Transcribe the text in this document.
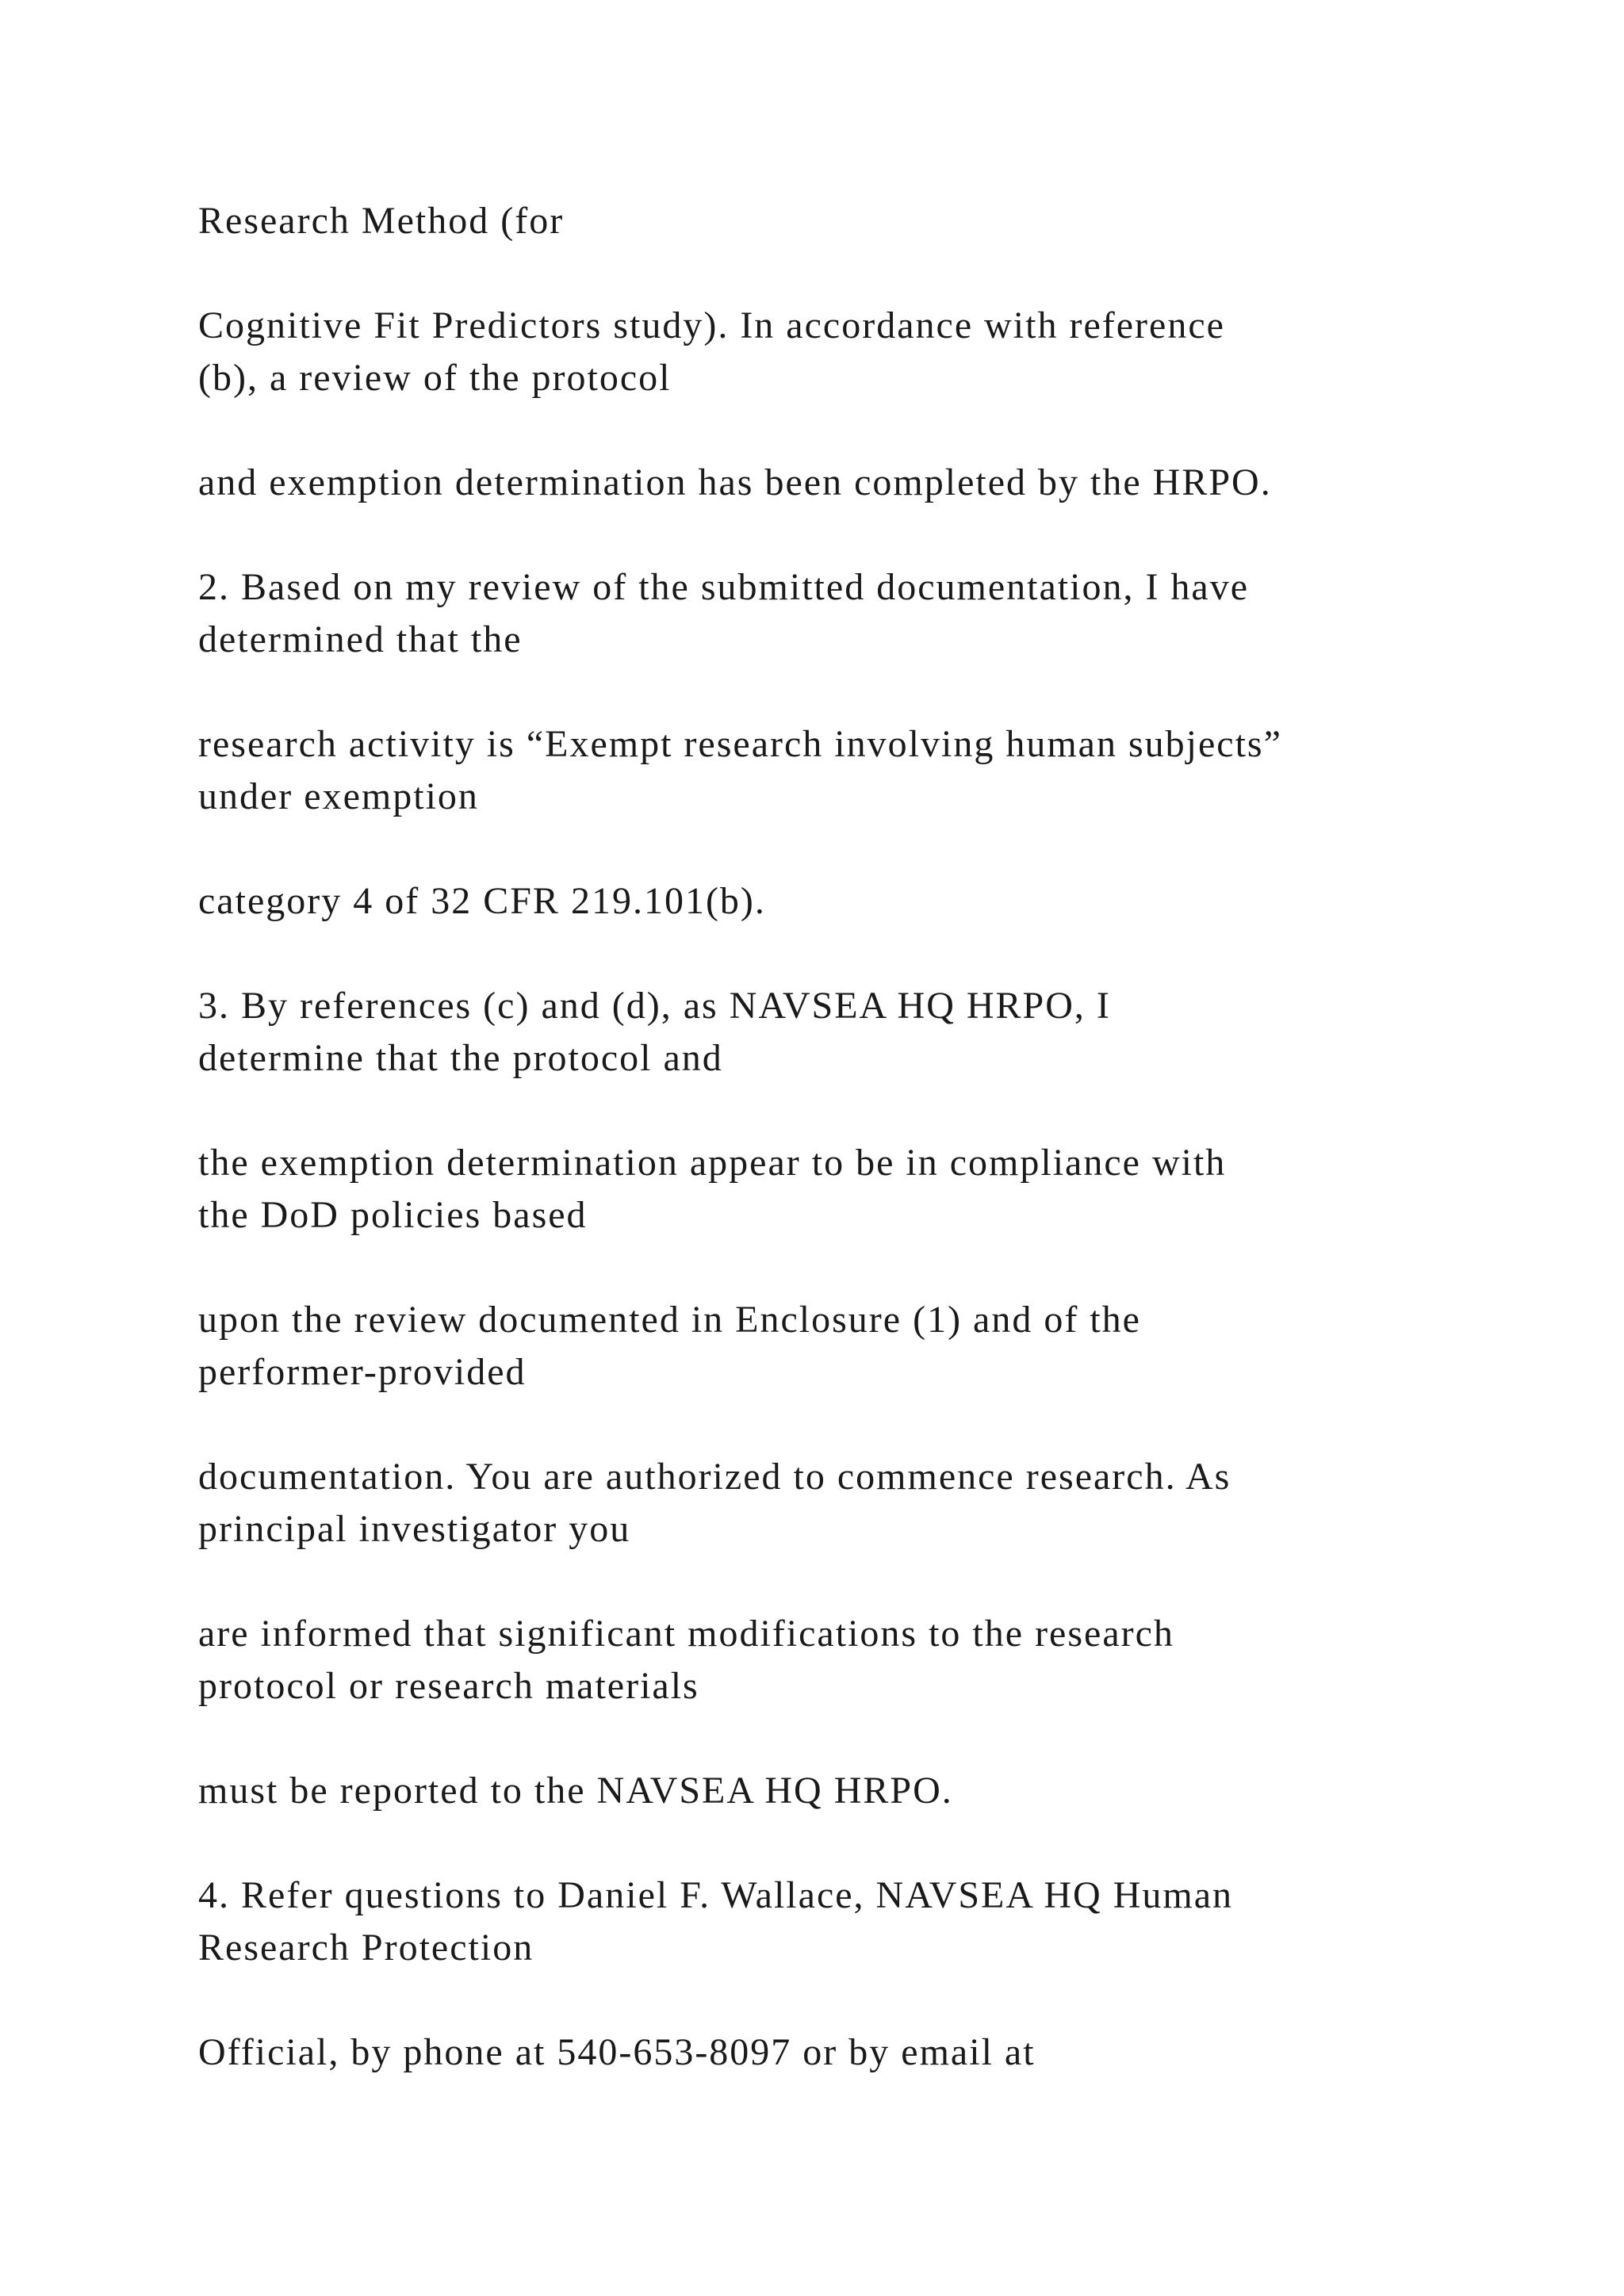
Research Method (for

Cognitive Fit Predictors study). In accordance with reference
(b), a review of the protocol

and exemption determination has been completed by the HRPO.

2. Based on my review of the submitted documentation, I have
determined that the

research activity is “Exempt research involving human subjects”
under exemption

category 4 of 32 CFR 219.101(b).

3. By references (c) and (d), as NAVSEA HQ HRPO, I
determine that the protocol and

the exemption determination appear to be in compliance with
the DoD policies based

upon the review documented in Enclosure (1) and of the
performer-provided

documentation. You are authorized to commence research. As
principal investigator you

are informed that significant modifications to the research
protocol or research materials

must be reported to the NAVSEA HQ HRPO.

4. Refer questions to Daniel F. Wallace, NAVSEA HQ Human
Research Protection

Official, by phone at 540-653-8097 or by email at
